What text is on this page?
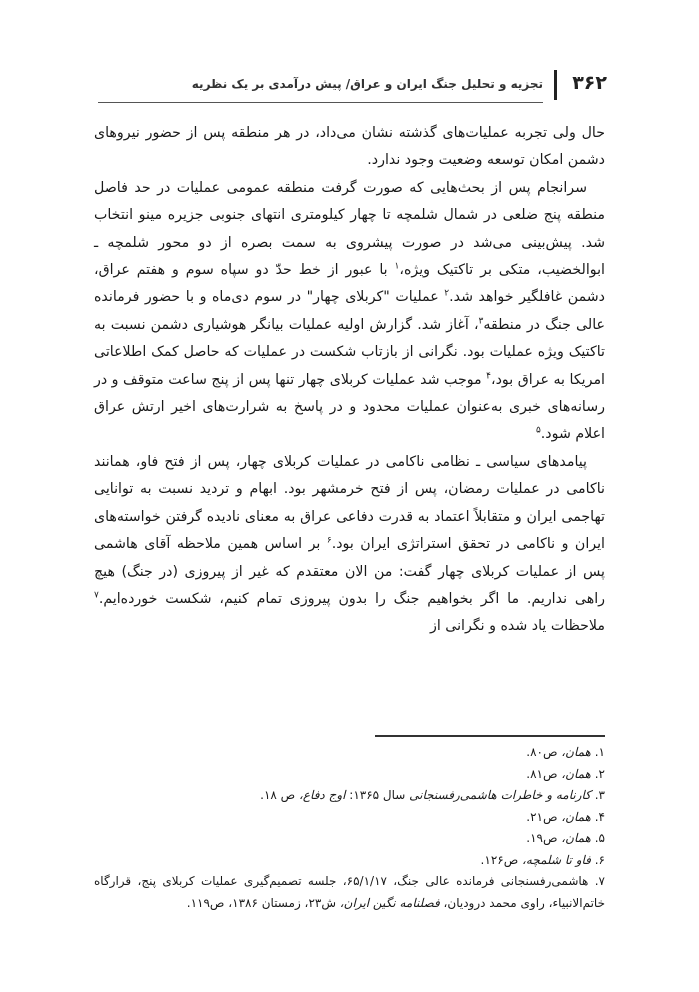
۳۶۲
تجزیه و تحلیل جنگ ایران و عراق/ پیش درآمدی بر یک نظریه

حال ولی تجربه عملیات‌های گذشته نشان می‌داد، در هر منطقه پس از حضور نیروهای دشمن امکان توسعه وضعیت وجود ندارد.

سرانجام پس از بحث‌هایی که صورت گرفت منطقه عمومی عملیات در حد فاصل منطقه پنج ضلعی در شمال شلمچه تا چهار کیلومتری انتهای جنوبی جزیره مینو انتخاب شد. پیش‌بینی می‌شد در صورت پیشروی به سمت بصره از دو محور شلمچه ـ ابوالخضیب، متکی بر تاکتیک ویژه،$^۱$ با عبور از خط حدّ دو سپاه سوم و هفتم عراق، دشمن غافلگیر خواهد شد.$^۲$ عملیات "کربلای چهار" در سوم دی‌ماه و با حضور فرمانده عالی جنگ در منطقه$^۳$، آغاز شد. گزارش اولیه عملیات بیانگر هوشیاری دشمن نسبت به تاکتیک ویژه عملیات بود. نگرانی از بازتاب شکست در عملیات که حاصل کمک اطلاعاتی امریکا به عراق بود،$^۴$ موجب شد عملیات کربلای چهار تنها پس از پنج ساعت متوقف و در رسانه‌های خبری به‌عنوان عملیات محدود و در پاسخ به شرارت‌های اخیر ارتش عراق اعلام شود.$^۵$

پیامدهای سیاسی ـ نظامی ناکامی در عملیات کربلای چهار، پس از فتح فاو، همانند ناکامی در عملیات رمضان، پس از فتح خرمشهر بود. ابهام و تردید نسبت به توانایی تهاجمی ایران و متقابلاً اعتماد به قدرت دفاعی عراق به معنای نادیده گرفتن خواسته‌های ایران و ناکامی در تحقق استراتژی ایران بود.$^۶$ بر اساس همین ملاحظه آقای هاشمی پس از عملیات کربلای چهار گفت: من الان معتقدم که غیر از پیروزی (در جنگ) هیچ راهی نداریم. ما اگر بخواهیم جنگ را بدون پیروزی تمام کنیم، شکست خورده‌ایم.$^۷$ ملاحظات یاد شده و نگرانی از

۱. همان، ص۸۰.

۲. همان، ص۸۱.

۳. کارنامه و خاطرات هاشمی‌رفسنجانی سال ۱۳۶۵: اوج دفاع، ص ۱۸.

۴. همان، ص۲۱.

۵. همان، ص۱۹.

۶. فاو تا شلمچه، ص۱۲۶.

۷. هاشمی‌رفسنجانی فرمانده عالی جنگ، ۶۵/۱/۱۷، جلسه تصمیم‌گیری عملیات کربلای پنج، قرارگاه خاتم‌الانبیاء، راوی محمد درودیان، فصلنامه نگین ایران، ش۲۳، زمستان ۱۳۸۶، ص۱۱۹.
